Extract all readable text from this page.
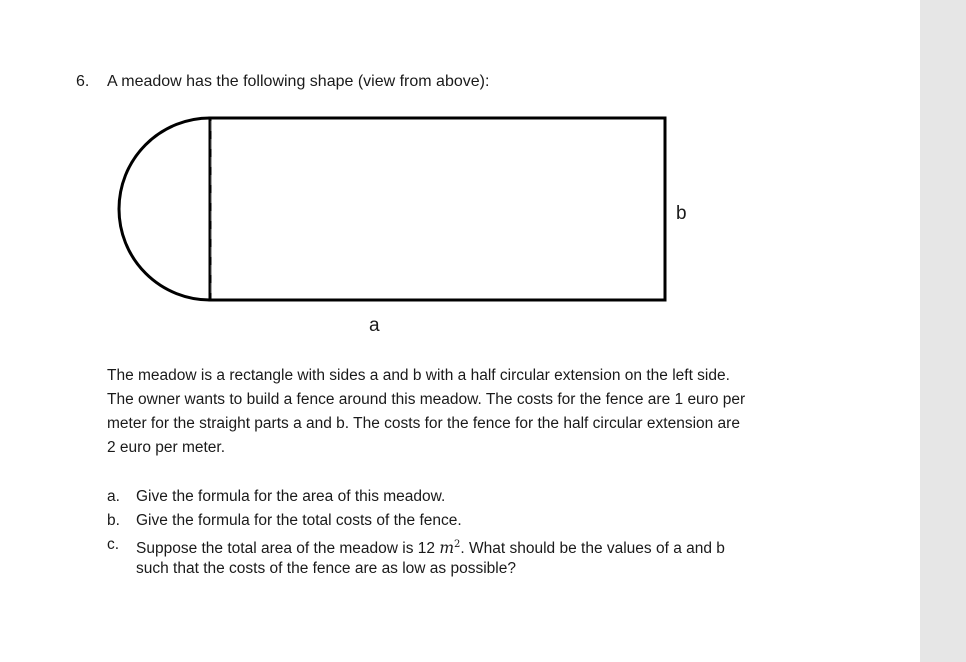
6. A meadow has the following shape (view from above):
b
a
The meadow is a rectangle with sides a and b with a half circular extension on the left side.
The owner wants to build a fence around this meadow. The costs for the fence are 1 euro per
meter for the straight parts a and b. The costs for the fence for the half circular extension are
2 euro per meter.
a. Give the formula for the area of this meadow.
b. Give the formula for the total costs of the fence.
c. Suppose the total area of the meadow is 12 $m^2$. What should be the values of a and b
such that the costs of the fence are as low as possible?
